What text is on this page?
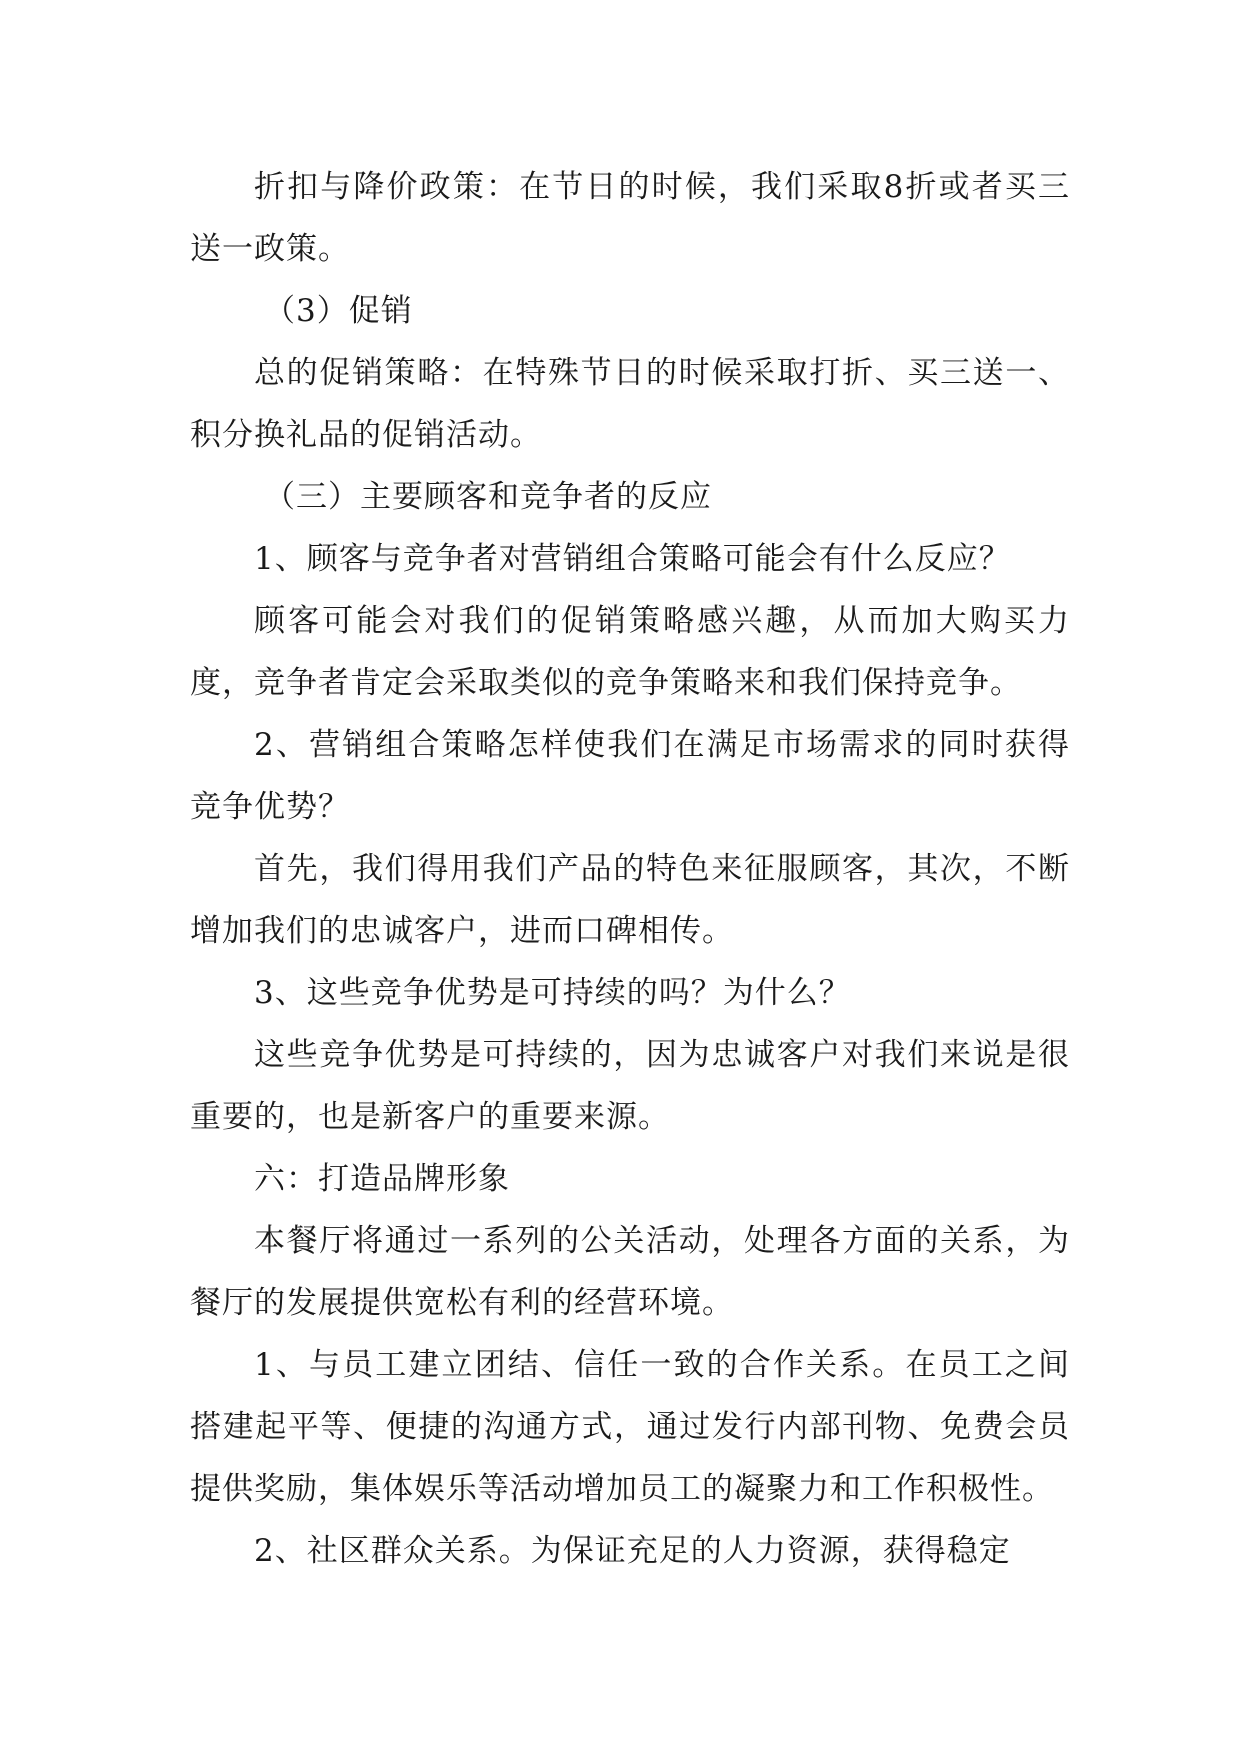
折扣与降价政策：在节日的时候，我们采取8折或者买三送一政策。

（3）促销

总的促销策略：在特殊节日的时候采取打折、买三送一、积分换礼品的促销活动。

（三）主要顾客和竞争者的反应

1、顾客与竞争者对营销组合策略可能会有什么反应？

顾客可能会对我们的促销策略感兴趣，从而加大购买力度，竞争者肯定会采取类似的竞争策略来和我们保持竞争。

2、营销组合策略怎样使我们在满足市场需求的同时获得竞争优势？

首先，我们得用我们产品的特色来征服顾客，其次，不断增加我们的忠诚客户，进而口碑相传。

3、这些竞争优势是可持续的吗？为什么？

这些竞争优势是可持续的，因为忠诚客户对我们来说是很重要的，也是新客户的重要来源。

六：打造品牌形象

本餐厅将通过一系列的公关活动，处理各方面的关系，为餐厅的发展提供宽松有利的经营环境。

1、与员工建立团结、信任一致的合作关系。在员工之间搭建起平等、便捷的沟通方式，通过发行内部刊物、免费会员提供奖励，集体娱乐等活动增加员工的凝聚力和工作积极性。

2、社区群众关系。为保证充足的人力资源，获得稳定
